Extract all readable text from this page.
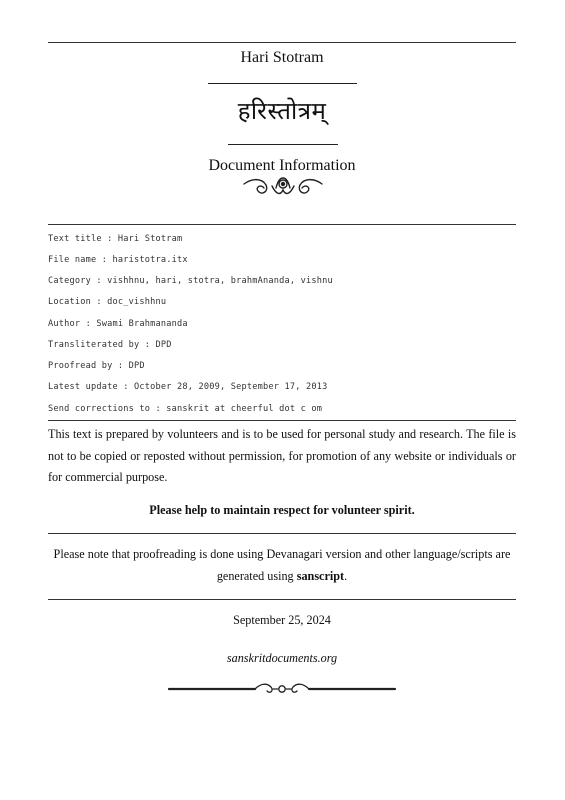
Hari Stotram
हरिस्तोत्रम्
Document Information
Text title : Hari Stotram
File name : haristotra.itx
Category : vishhnu, hari, stotra, brahmAnanda, vishnu
Location : doc_vishhnu
Author : Swami Brahmananda
Transliterated by : DPD
Proofread by : DPD
Latest update : October 28, 2009, September 17, 2013
Send corrections to : sanskrit at cheerful dot c om
This text is prepared by volunteers and is to be used for personal study and research. The file is not to be copied or reposted without permission, for promotion of any website or individuals or for commercial purpose.
Please help to maintain respect for volunteer spirit.
Please note that proofreading is done using Devanagari version and other language/scripts are generated using sanscript.
September 25, 2024
sanskritdocuments.org
